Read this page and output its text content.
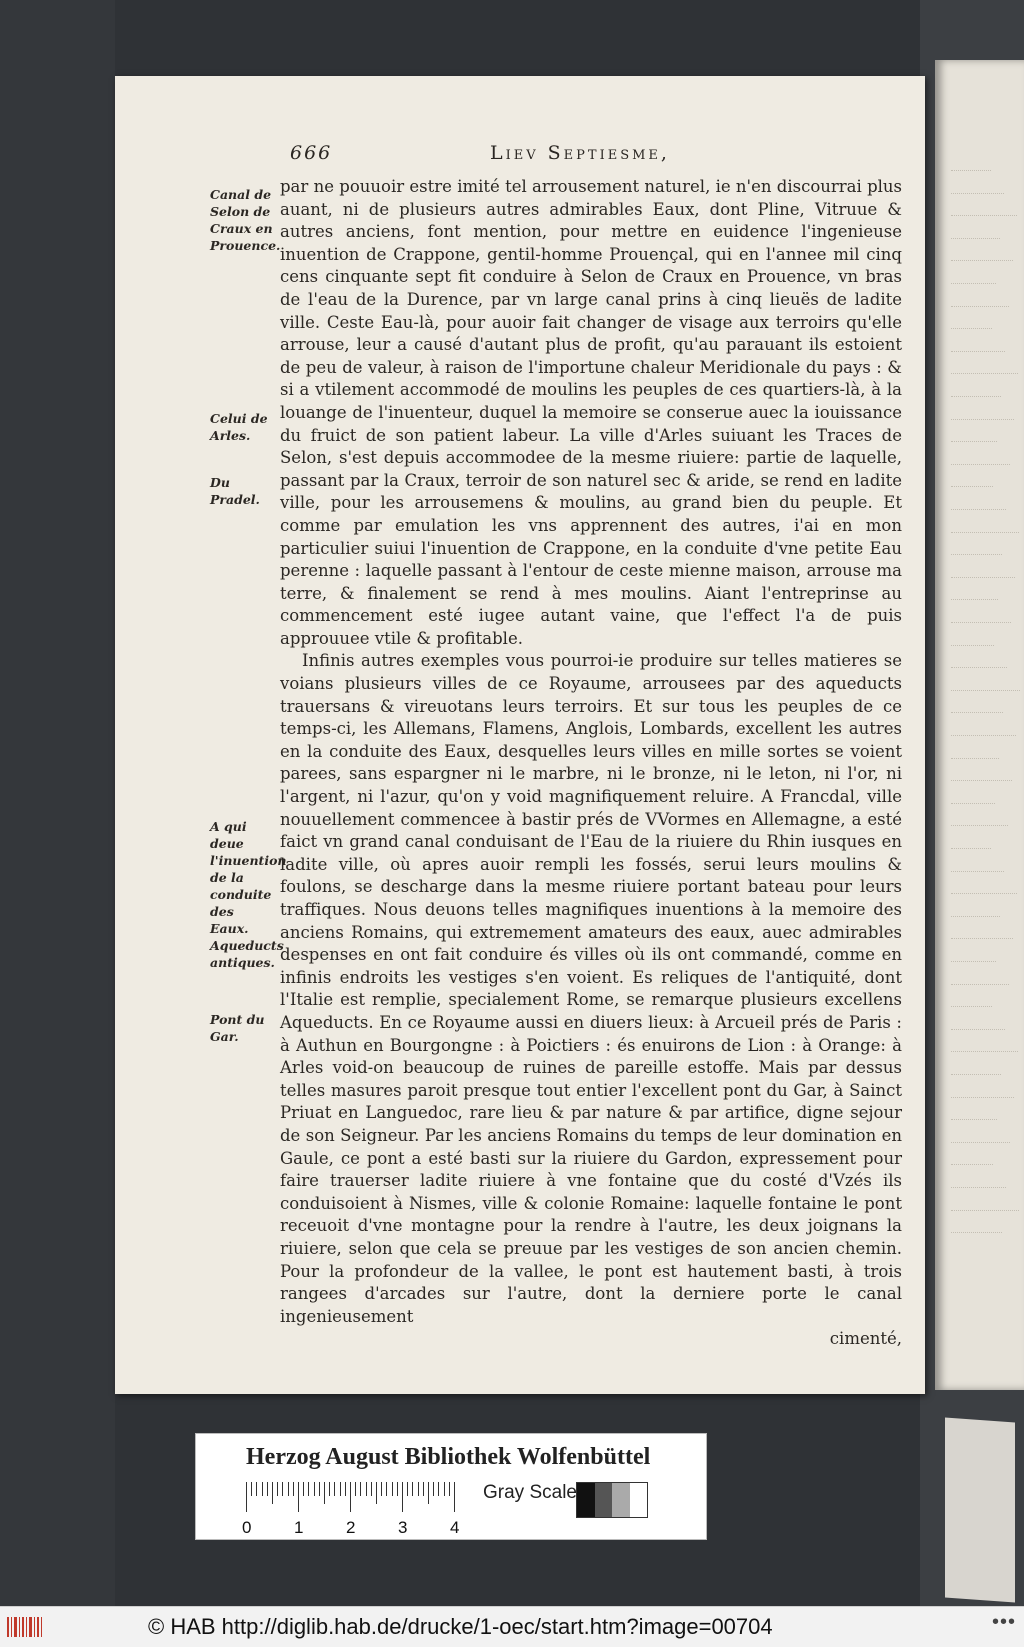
666	Liev Septiesme,
Canal de Selon de Craux en Prouence.
Celui de Arles.
Du Pradel.
A qui deue l'inuention de la conduite des Eaux. Aqueducts antiques.
Pont du Gar.

par ne pouuoir estre imité tel arrousement naturel, ie n'en discourrai plus auant, ni de plusieurs autres admirables Eaux, dont Pline, Vitruue & autres anciens, font mention, pour mettre en euidence l'ingenieuse inuention de Crappone, gentil-homme Prouençal, qui en l'annee mil cinq cens cinquante sept fit conduire à Selon de Craux en Prouence, vn bras de l'eau de la Durence, par vn large canal prins à cinq lieuës de ladite ville. Ceste Eau-là, pour auoir fait changer de visage aux terroirs qu'elle arrouse, leur a causé d'autant plus de profit, qu'au parauant ils estoient de peu de valeur, à raison de l'importune chaleur Meridionale du pays : & si a vtilement accommodé de moulins les peuples de ces quartiers-là, à la louange de l'inuenteur, duquel la memoire se conserue auec la iouissance du fruict de son patient labeur. La ville d'Arles suiuant les Traces de Selon, s'est depuis accommodee de la mesme riuiere: partie de laquelle, passant par la Craux, terroir de son naturel sec & aride, se rend en ladite ville, pour les arrousemens & moulins, au grand bien du peuple. Et comme par emulation les vns apprennent des autres, i'ai en mon particulier suiui l'inuention de Crappone, en la conduite d'vne petite Eau perenne : laquelle passant à l'entour de ceste mienne maison, arrouse ma terre, & finalement se rend à mes moulins. Aiant l'entreprinse au commencement esté iugee autant vaine, que l'effect l'a de puis approuuee vtile & profitable.

Infinis autres exemples vous pourroi-ie produire sur telles matieres se voians plusieurs villes de ce Royaume, arrousees par des aqueducts trauersans & vireuotans leurs terroirs. Et sur tous les peuples de ce temps-ci, les Allemans, Flamens, Anglois, Lombards, excellent les autres en la conduite des Eaux, desquelles leurs villes en mille sortes se voient parees, sans espargner ni le marbre, ni le bronze, ni le leton, ni l'or, ni l'argent, ni l'azur, qu'on y void magnifiquement reluire. A Francdal, ville nouuellement commencee à bastir prés de VVormes en Allemagne, a esté faict vn grand canal conduisant de l'Eau de la riuiere du Rhin iusques en ladite ville, où apres auoir rempli les fossés, serui leurs moulins & foulons, se descharge dans la mesme riuiere portant bateau pour leurs traffiques. Nous deuons telles magnifiques inuentions à la memoire des anciens Romains, qui extremement amateurs des eaux, auec admirables despenses en ont fait conduire és villes où ils ont commandé, comme en infinis endroits les vestiges s'en voient. Es reliques de l'antiquité, dont l'Italie est remplie, specialement Rome, se remarque plusieurs excellens Aqueducts. En ce Royaume aussi en diuers lieux: à Arcueil prés de Paris : à Authun en Bourgongne : à Poictiers : és enuirons de Lion : à Orange: à Arles void-on beaucoup de ruines de pareille estoffe. Mais par dessus telles masures paroit presque tout entier l'excellent pont du Gar, à Sainct Priuat en Languedoc, rare lieu & par nature & par artifice, digne sejour de son Seigneur. Par les anciens Romains du temps de leur domination en Gaule, ce pont a esté basti sur la riuiere du Gardon, expressement pour faire trauerser ladite riuiere à vne fontaine que du costé d'Vzés ils conduisoient à Nismes, ville & colonie Romaine: laquelle fontaine le pont receuoit d'vne montagne pour la rendre à l'autre, les deux joignans la riuiere, selon que cela se preuue par les vestiges de son ancien chemin. Pour la profondeur de la vallee, le pont est hautement basti, à trois rangees d'arcades sur l'autre, dont la derniere porte le canal ingenieusement

cimenté,

Herzog August Bibliothek Wolfenbüttel
0	1	2	3	4
Gray Scale
© HAB http://diglib.hab.de/drucke/1-oec/start.htm?image=00704	•••
